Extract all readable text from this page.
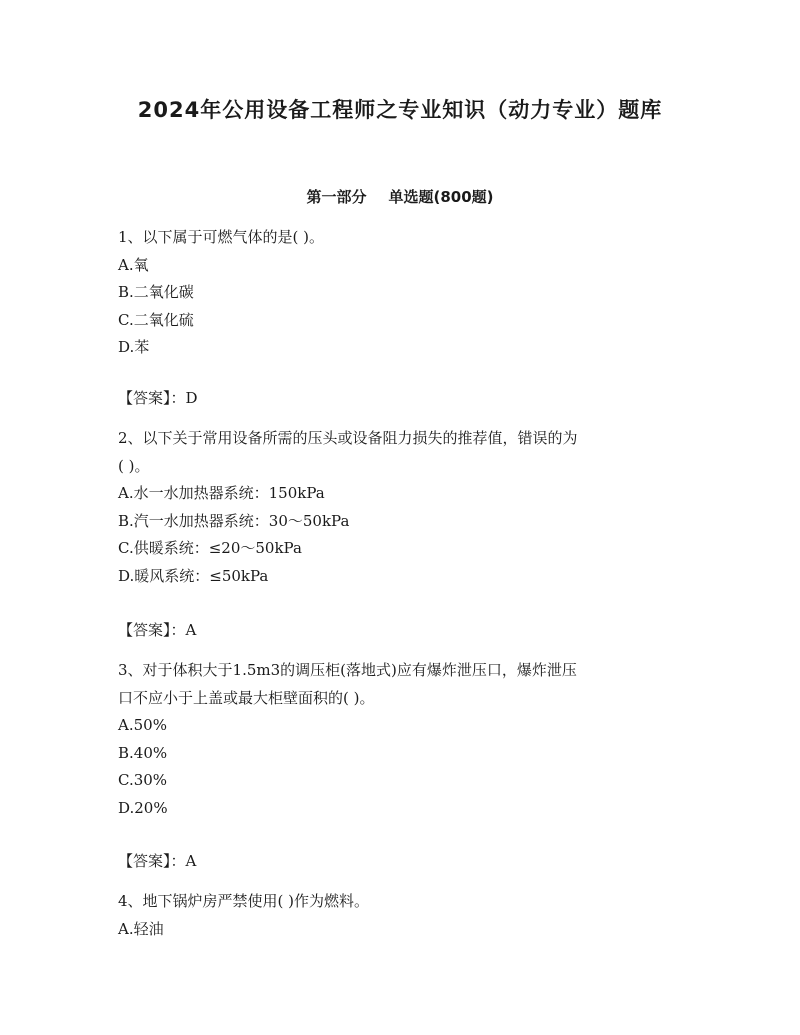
2024年公用设备工程师之专业知识（动力专业）题库
第一部分 单选题(800题)
1、以下属于可燃气体的是( )。
A.氧
B.二氧化碳
C.二氧化硫
D.苯
【答案】：D
2、以下关于常用设备所需的压头或设备阻力损失的推荐值，错误的为
( )。
A.水一水加热器系统：150kPa
B.汽一水加热器系统：30～50kPa
C.供暖系统：≤20～50kPa
D.暖风系统：≤50kPa
【答案】：A
3、对于体积大于1.5m3的调压柜(落地式)应有爆炸泄压口，爆炸泄压
口不应小于上盖或最大柜壁面积的( )。
A.50%
B.40%
C.30%
D.20%
【答案】：A
4、地下锅炉房严禁使用( )作为燃料。
A.轻油
